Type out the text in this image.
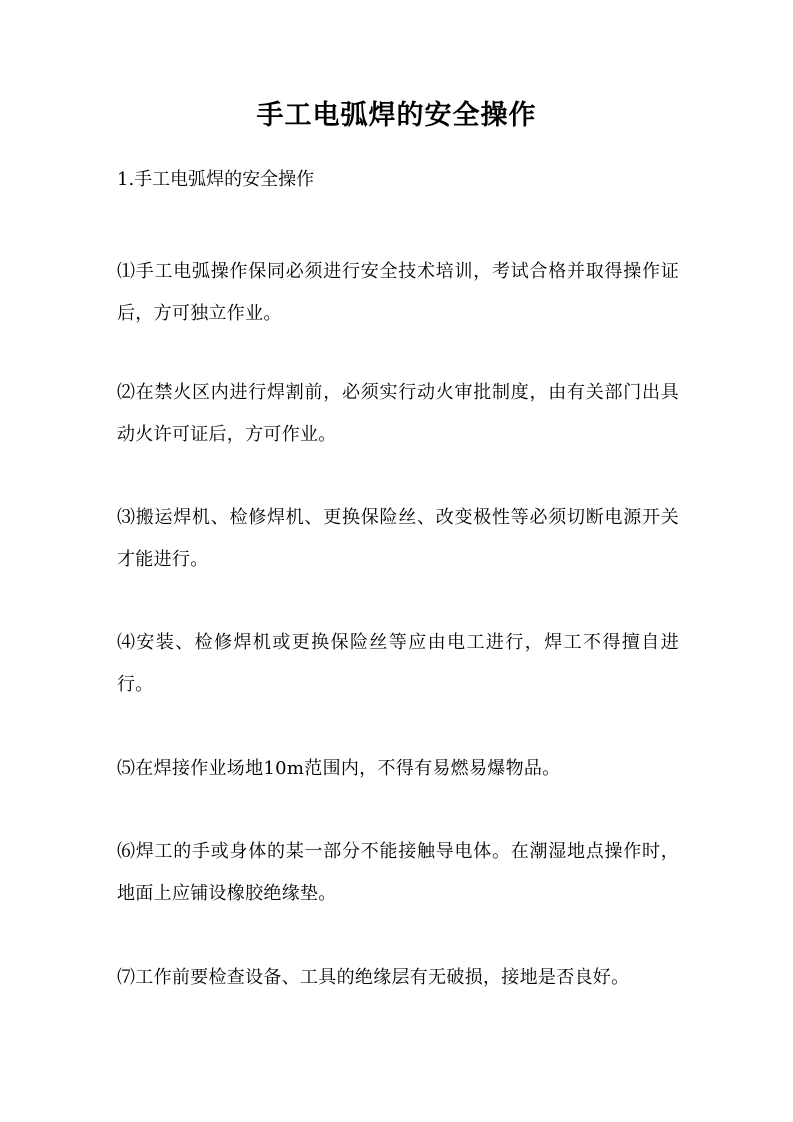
手工电弧焊的安全操作
1.手工电弧焊的安全操作
⑴手工电弧操作保同必须进行安全技术培训，考试合格并取得操作证后，方可独立作业。
⑵在禁火区内进行焊割前，必须实行动火审批制度，由有关部门出具动火许可证后，方可作业。
⑶搬运焊机、检修焊机、更换保险丝、改变极性等必须切断电源开关才能进行。
⑷安装、检修焊机或更换保险丝等应由电工进行，焊工不得擅自进行。
⑸在焊接作业场地10m范围内，不得有易燃易爆物品。
⑹焊工的手或身体的某一部分不能接触导电体。在潮湿地点操作时，地面上应铺设橡胶绝缘垫。
⑺工作前要检查设备、工具的绝缘层有无破损，接地是否良好。
